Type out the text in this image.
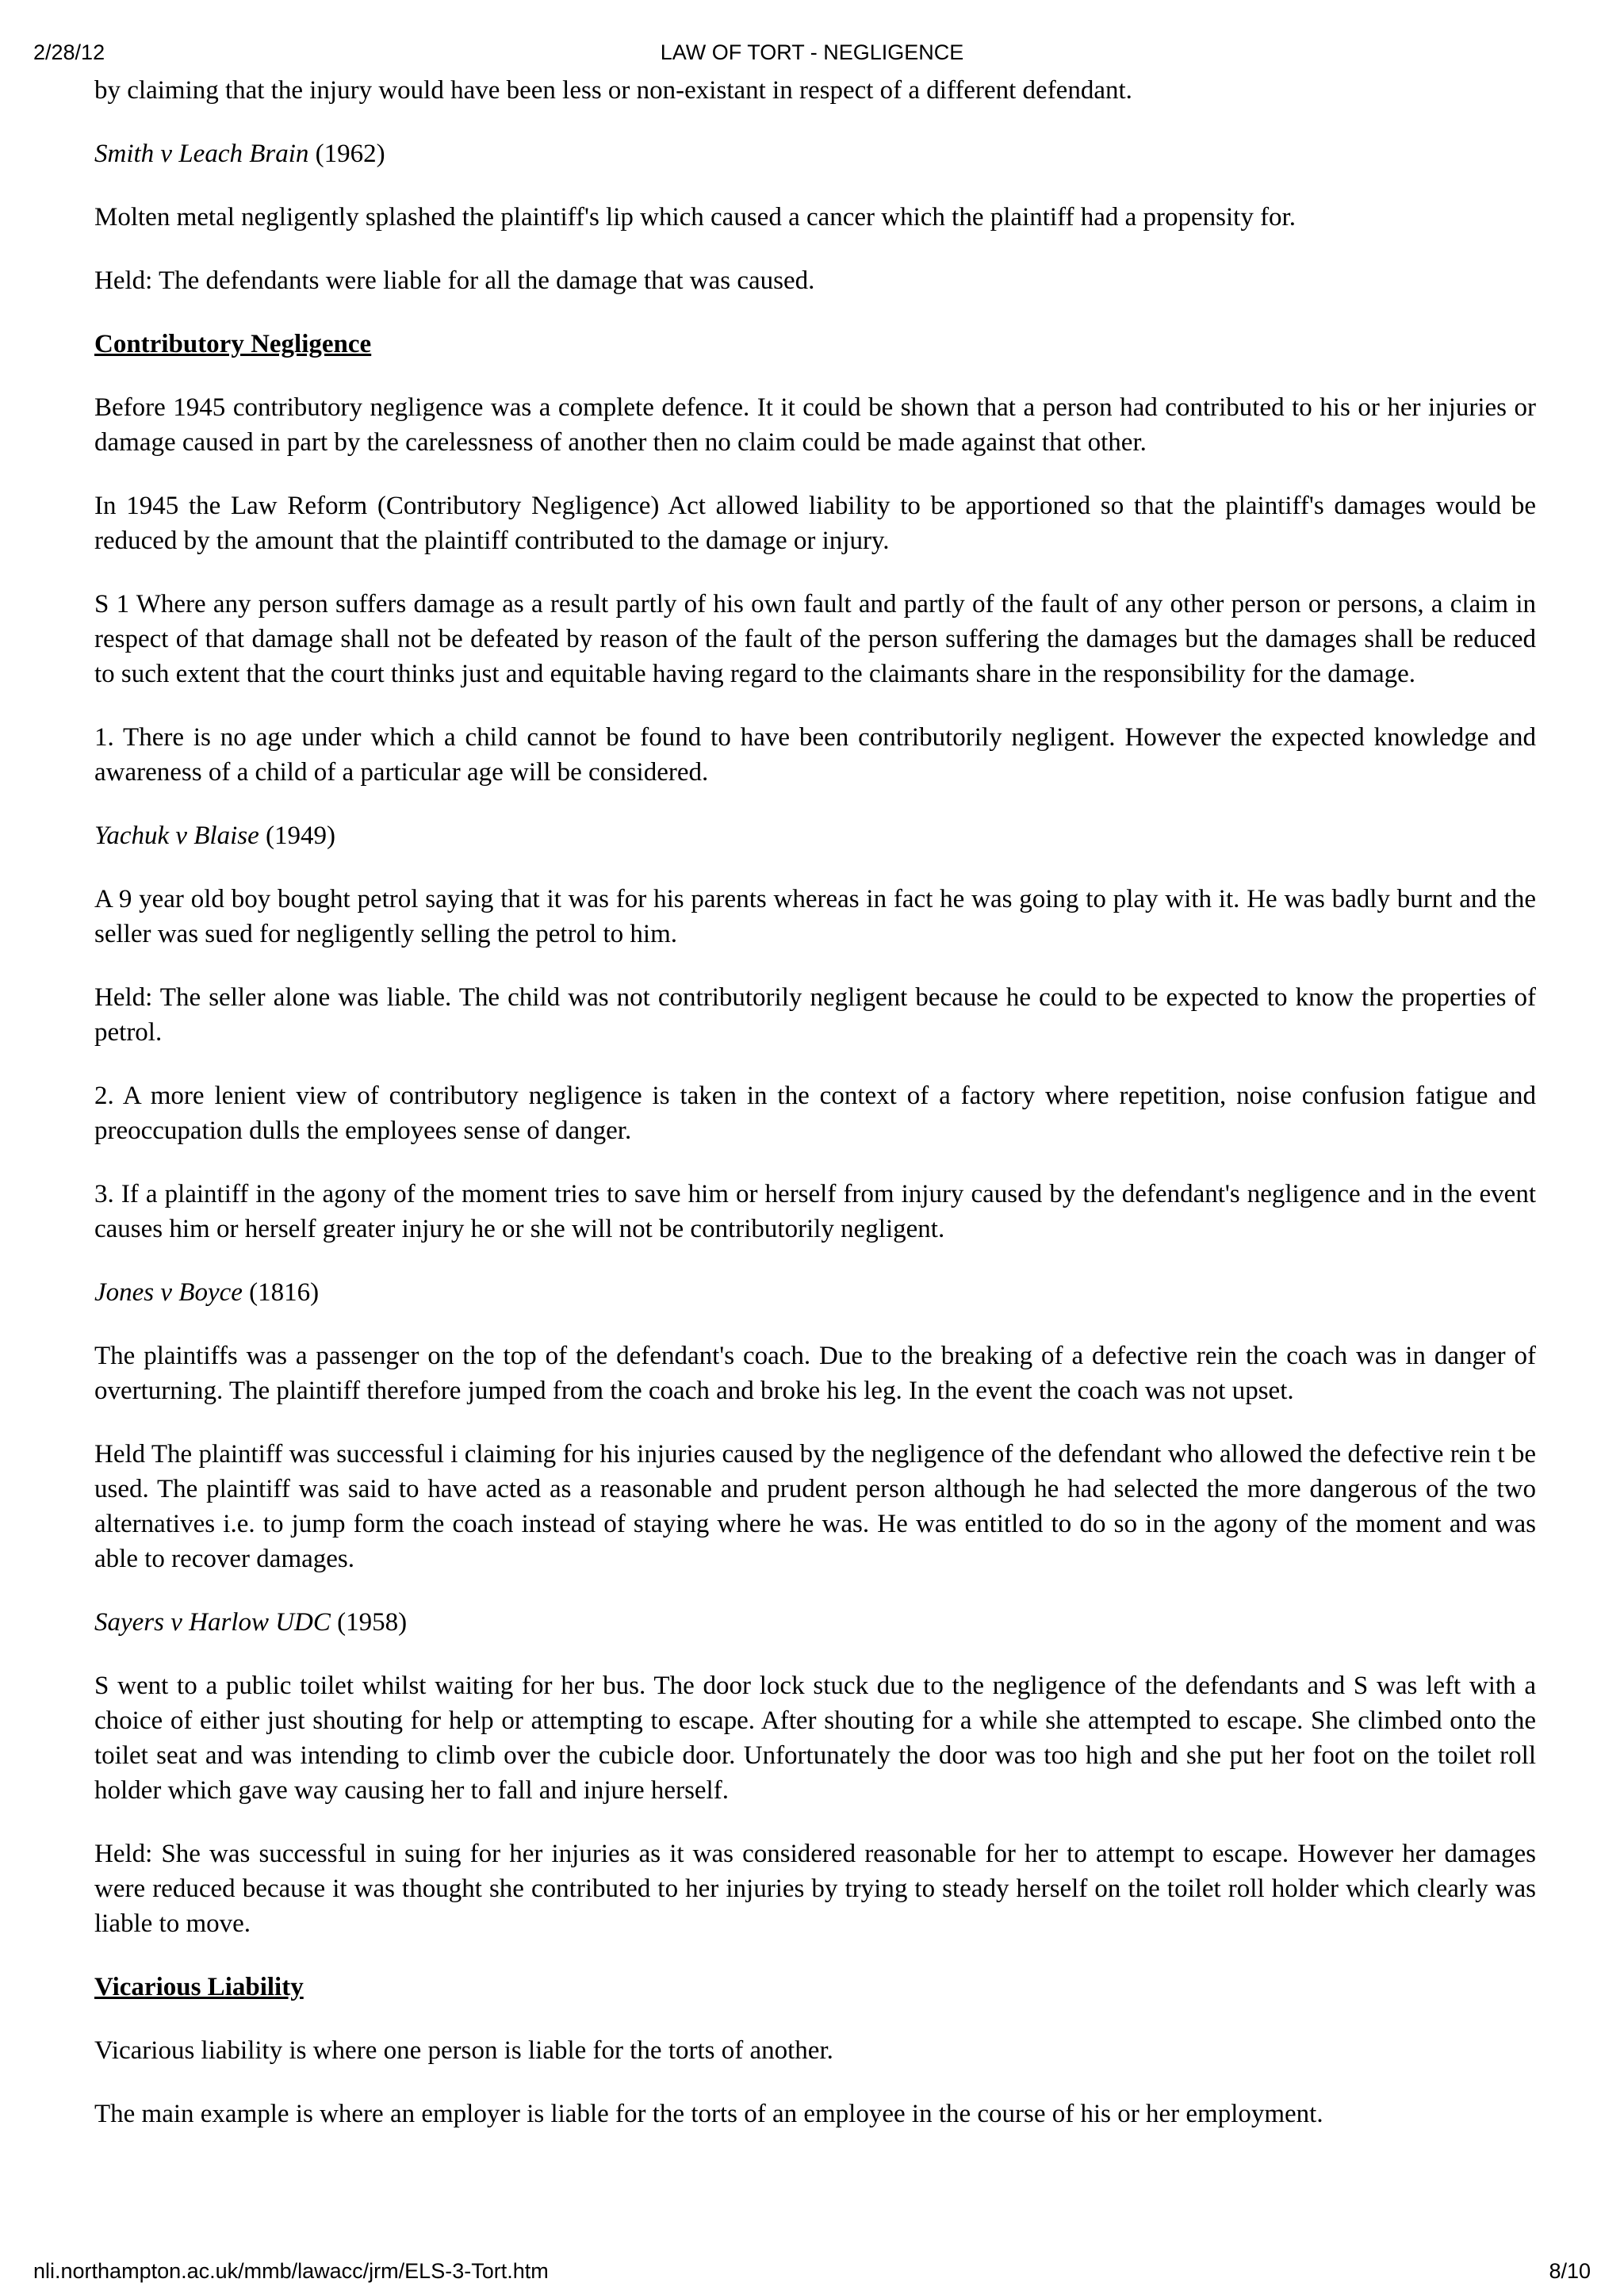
2/28/12	LAW OF TORT - NEGLIGENCE

by claiming that the injury would have been less or non-existant in respect of a different defendant.

Smith v Leach Brain (1962)

Molten metal negligently splashed the plaintiff's lip which caused a cancer which the plaintiff had a propensity for.

Held: The defendants were liable for all the damage that was caused.

Contributory Negligence

Before 1945 contributory negligence was a complete defence. It it could be shown that a person had contributed to his or her injuries or damage caused in part by the carelessness of another then no claim could be made against that other.

In 1945 the Law Reform (Contributory Negligence) Act allowed liability to be apportioned so that the plaintiff's damages would be reduced by the amount that the plaintiff contributed to the damage or injury.

S 1 Where any person suffers damage as a result partly of his own fault and partly of the fault of any other person or persons, a claim in respect of that damage shall not be defeated by reason of the fault of the person suffering the damages but the damages shall be reduced to such extent that the court thinks just and equitable having regard to the claimants share in the responsibility for the damage.

1. There is no age under which a child cannot be found to have been contributorily negligent. However the expected knowledge and awareness of a child of a particular age will be considered.

Yachuk v Blaise (1949)

A 9 year old boy bought petrol saying that it was for his parents whereas in fact he was going to play with it. He was badly burnt and the seller was sued for negligently selling the petrol to him.

Held: The seller alone was liable. The child was not contributorily negligent because he could to be expected to know the properties of petrol.

2. A more lenient view of contributory negligence is taken in the context of a factory where repetition, noise confusion fatigue and preoccupation dulls the employees sense of danger.

3. If a plaintiff in the agony of the moment tries to save him or herself from injury caused by the defendant's negligence and in the event causes him or herself greater injury he or she will not be contributorily negligent.

Jones v Boyce (1816)

The plaintiffs was a passenger on the top of the defendant's coach. Due to the breaking of a defective rein the coach was in danger of overturning. The plaintiff therefore jumped from the coach and broke his leg. In the event the coach was not upset.

Held The plaintiff was successful i claiming for his injuries caused by the negligence of the defendant who allowed the defective rein t be used. The plaintiff was said to have acted as a reasonable and prudent person although he had selected the more dangerous of the two alternatives i.e. to jump form the coach instead of staying where he was. He was entitled to do so in the agony of the moment and was able to recover damages.

Sayers v Harlow UDC (1958)

S went to a public toilet whilst waiting for her bus. The door lock stuck due to the negligence of the defendants and S was left with a choice of either just shouting for help or attempting to escape. After shouting for a while she attempted to escape. She climbed onto the toilet seat and was intending to climb over the cubicle door. Unfortunately the door was too high and she put her foot on the toilet roll holder which gave way causing her to fall and injure herself.

Held: She was successful in suing for her injuries as it was considered reasonable for her to attempt to escape. However her damages were reduced because it was thought she contributed to her injuries by trying to steady herself on the toilet roll holder which clearly was liable to move.

Vicarious Liability

Vicarious liability is where one person is liable for the torts of another.

The main example is where an employer is liable for the torts of an employee in the course of his or her employment.

nli.northampton.ac.uk/mmb/lawacc/jrm/ELS-3-Tort.htm	8/10
